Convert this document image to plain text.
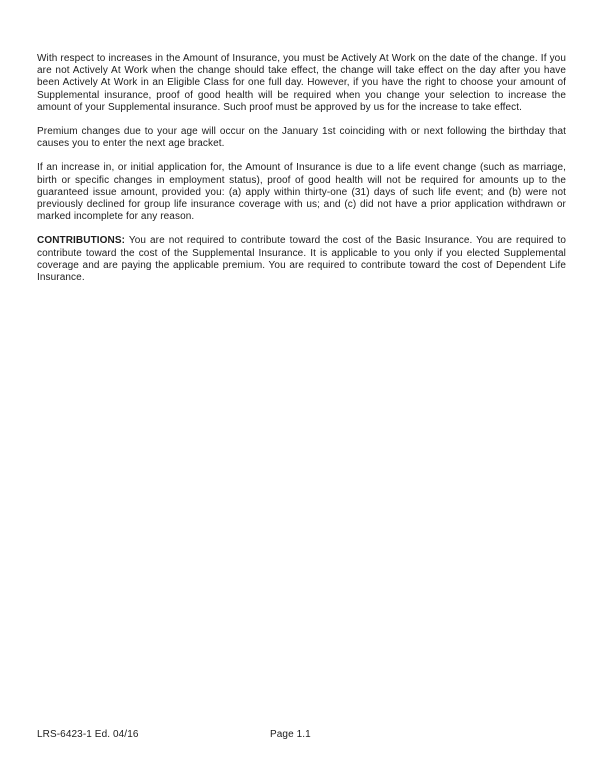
With respect to increases in the Amount of Insurance, you must be Actively At Work on the date of the change. If you are not Actively At Work when the change should take effect, the change will take effect on the day after you have been Actively At Work in an Eligible Class for one full day. However, if you have the right to choose your amount of Supplemental insurance, proof of good health will be required when you change your selection to increase the amount of your Supplemental insurance. Such proof must be approved by us for the increase to take effect.

Premium changes due to your age will occur on the January 1st coinciding with or next following the birthday that causes you to enter the next age bracket.

If an increase in, or initial application for, the Amount of Insurance is due to a life event change (such as marriage, birth or specific changes in employment status), proof of good health will not be required for amounts up to the guaranteed issue amount, provided you: (a) apply within thirty-one (31) days of such life event; and (b) were not previously declined for group life insurance coverage with us; and (c) did not have a prior application withdrawn or marked incomplete for any reason.

CONTRIBUTIONS: You are not required to contribute toward the cost of the Basic Insurance. You are required to contribute toward the cost of the Supplemental Insurance. It is applicable to you only if you elected Supplemental coverage and are paying the applicable premium. You are required to contribute toward the cost of Dependent Life Insurance.

LRS-6423-1 Ed. 04/16	Page 1.1
